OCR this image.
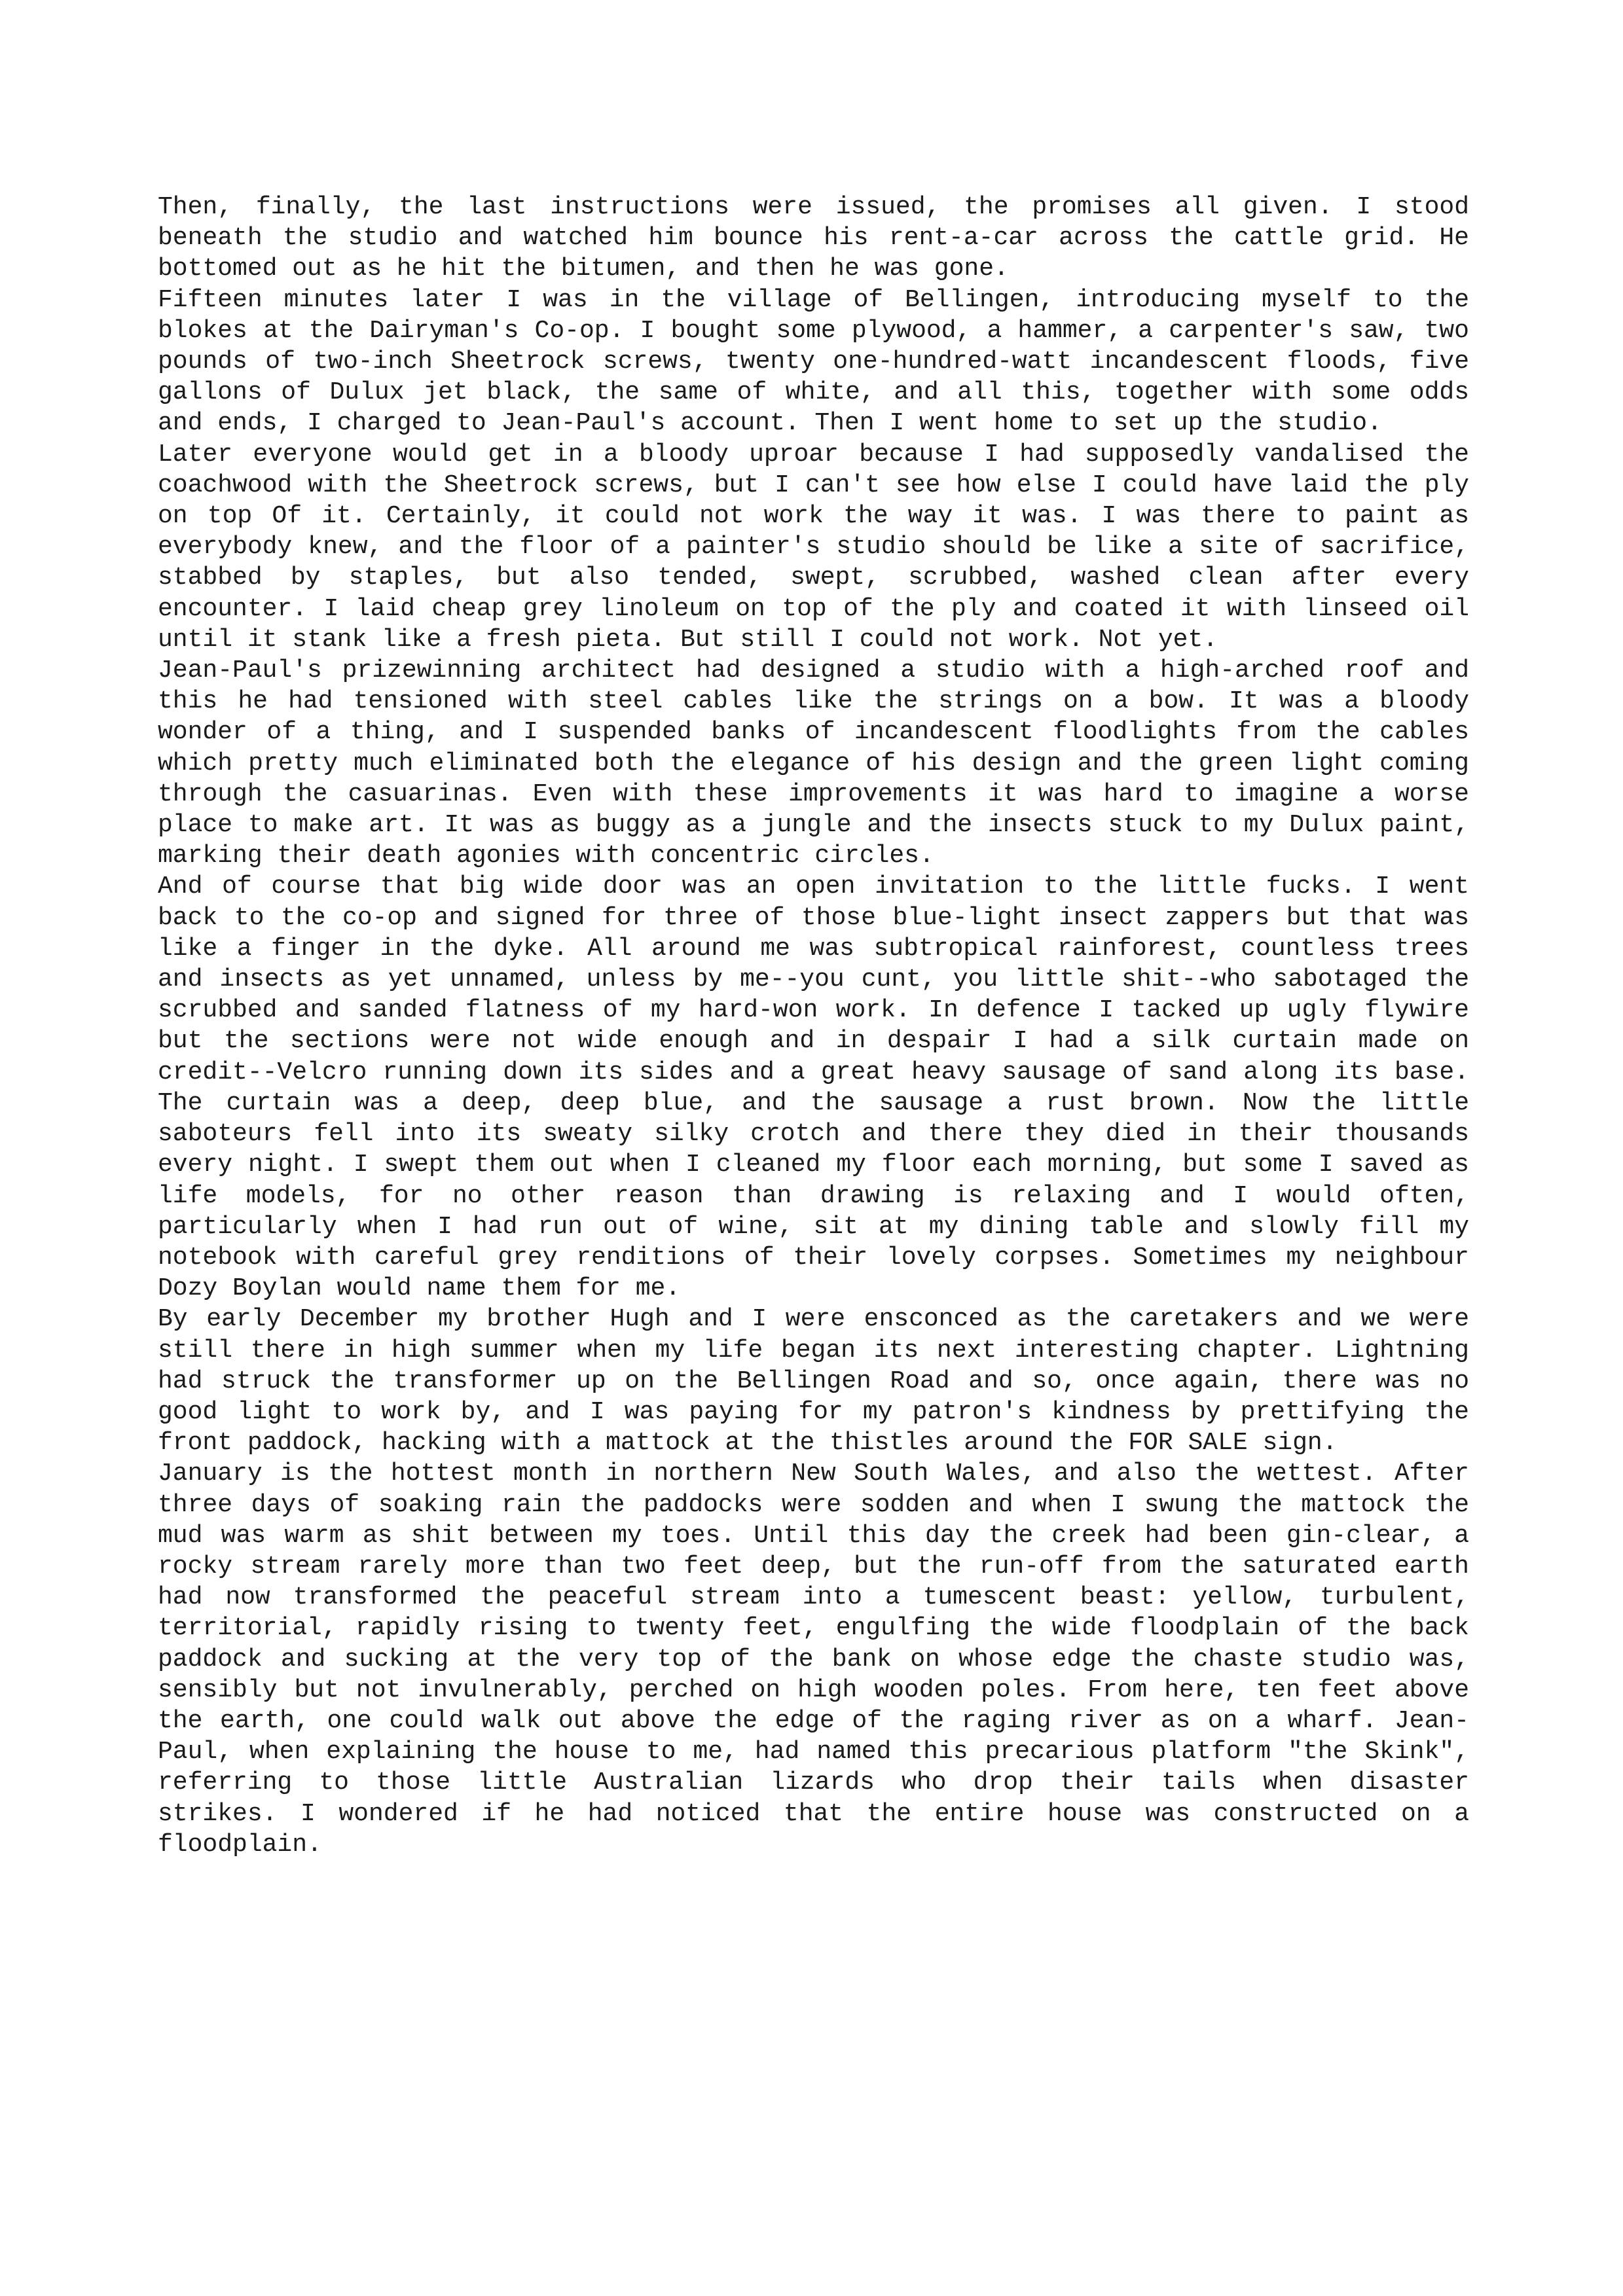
Then, finally, the last instructions were issued, the promises all given. I stood beneath the studio and watched him bounce his rent-a-car across the cattle grid. He bottomed out as he hit the bitumen, and then he was gone.

Fifteen minutes later I was in the village of Bellingen, introducing myself to the blokes at the Dairyman's Co-op. I bought some plywood, a hammer, a carpenter's saw, two pounds of two-inch Sheetrock screws, twenty one-hundred-watt incandescent floods, five gallons of Dulux jet black, the same of white, and all this, together with some odds and ends, I charged to Jean-Paul's account. Then I went home to set up the studio.

Later everyone would get in a bloody uproar because I had supposedly vandalised the coachwood with the Sheetrock screws, but I can't see how else I could have laid the ply on top Of it. Certainly, it could not work the way it was. I was there to paint as everybody knew, and the floor of a painter's studio should be like a site of sacrifice, stabbed by staples, but also tended, swept, scrubbed, washed clean after every encounter. I laid cheap grey linoleum on top of the ply and coated it with linseed oil until it stank like a fresh pieta. But still I could not work. Not yet.

Jean-Paul's prizewinning architect had designed a studio with a high-arched roof and this he had tensioned with steel cables like the strings on a bow. It was a bloody wonder of a thing, and I suspended banks of incandescent floodlights from the cables which pretty much eliminated both the elegance of his design and the green light coming through the casuarinas. Even with these improvements it was hard to imagine a worse place to make art. It was as buggy as a jungle and the insects stuck to my Dulux paint, marking their death agonies with concentric circles.

And of course that big wide door was an open invitation to the little fucks. I went back to the co-op and signed for three of those blue-light insect zappers but that was like a finger in the dyke. All around me was subtropical rainforest, countless trees and insects as yet unnamed, unless by me--you cunt, you little shit--who sabotaged the scrubbed and sanded flatness of my hard-won work. In defence I tacked up ugly flywire but the sections were not wide enough and in despair I had a silk curtain made on credit--Velcro running down its sides and a great heavy sausage of sand along its base. The curtain was a deep, deep blue, and the sausage a rust brown. Now the little saboteurs fell into its sweaty silky crotch and there they died in their thousands every night. I swept them out when I cleaned my floor each morning, but some I saved as life models, for no other reason than drawing is relaxing and I would often, particularly when I had run out of wine, sit at my dining table and slowly fill my notebook with careful grey renditions of their lovely corpses. Sometimes my neighbour Dozy Boylan would name them for me.

By early December my brother Hugh and I were ensconced as the caretakers and we were still there in high summer when my life began its next interesting chapter. Lightning had struck the transformer up on the Bellingen Road and so, once again, there was no good light to work by, and I was paying for my patron's kindness by prettifying the front paddock, hacking with a mattock at the thistles around the FOR SALE sign.

January is the hottest month in northern New South Wales, and also the wettest. After three days of soaking rain the paddocks were sodden and when I swung the mattock the mud was warm as shit between my toes. Until this day the creek had been gin-clear, a rocky stream rarely more than two feet deep, but the run-off from the saturated earth had now transformed the peaceful stream into a tumescent beast: yellow, turbulent, territorial, rapidly rising to twenty feet, engulfing the wide floodplain of the back paddock and sucking at the very top of the bank on whose edge the chaste studio was, sensibly but not invulnerably, perched on high wooden poles. From here, ten feet above the earth, one could walk out above the edge of the raging river as on a wharf. Jean-Paul, when explaining the house to me, had named this precarious platform "the Skink", referring to those little Australian lizards who drop their tails when disaster strikes. I wondered if he had noticed that the entire house was constructed on a floodplain.
